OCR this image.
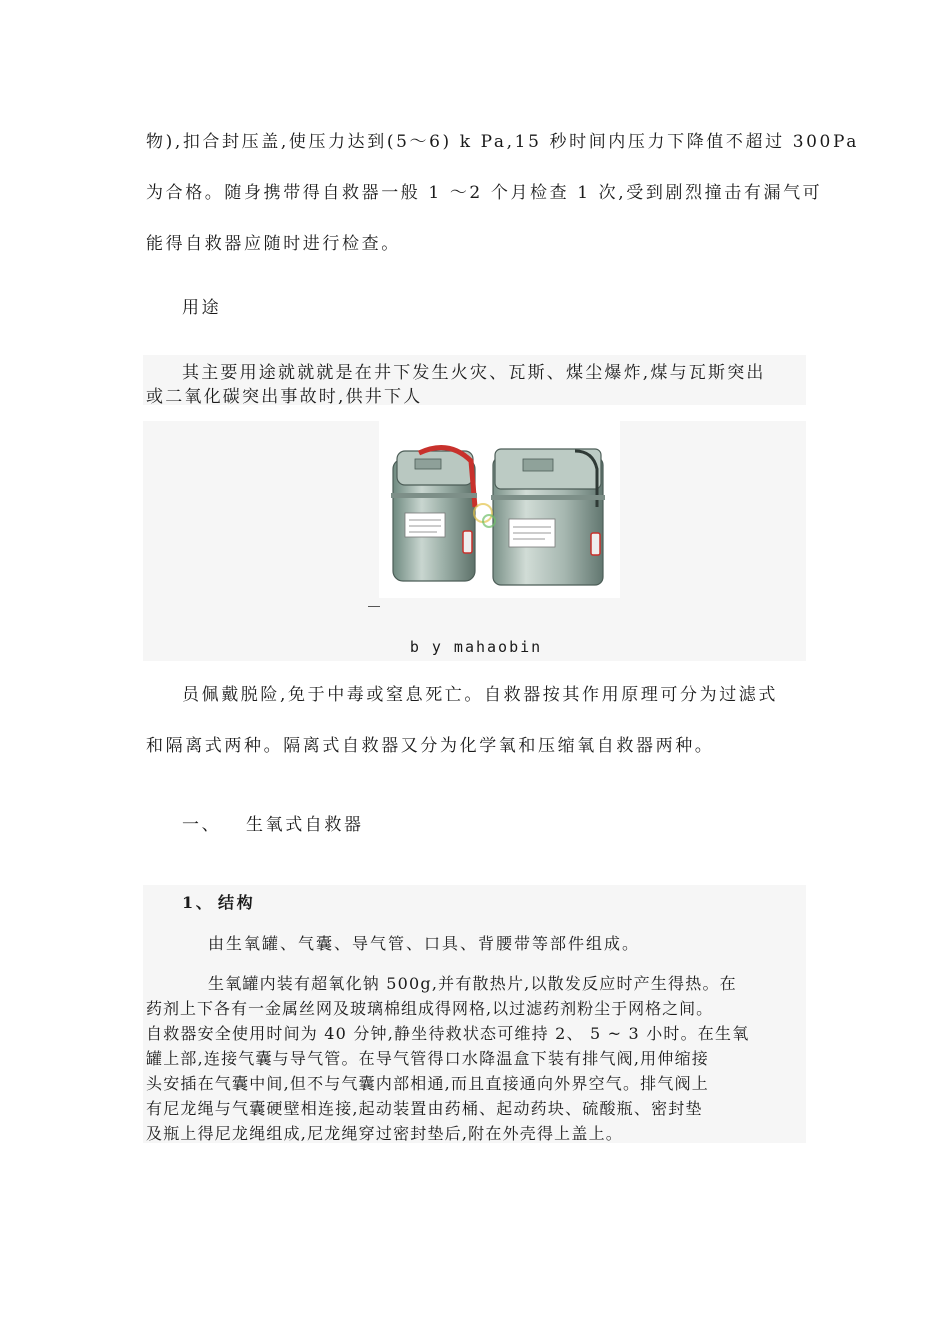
物),扣合封压盖,使压力达到(5～6) k Pa,15 秒时间内压力下降值不超过 300Pa
为合格。随身携带得自救器一般 1 ～2 个月检查 1 次,受到剧烈撞击有漏气可
能得自救器应随时进行检查。
用途
其主要用途就就就是在井下发生火灾、瓦斯、煤尘爆炸,煤与瓦斯突出
或二氧化碳突出事故时,供井下人
b y mahaobin
员佩戴脱险,免于中毒或窒息死亡。自救器按其作用原理可分为过滤式
和隔离式两种。隔离式自救器又分为化学氧和压缩氧自救器两种。
一、 生氧式自救器
1、 结构
由生氧罐、气囊、导气管、口具、背腰带等部件组成。
生氧罐内装有超氧化钠 500g,并有散热片,以散发反应时产生得热。在
药剂上下各有一金属丝网及玻璃棉组成得网格,以过滤药剂粉尘于网格之间。
自救器安全使用时间为 40 分钟,静坐待救状态可维持 2、 5 ~ 3 小时。在生氧
罐上部,连接气囊与导气管。在导气管得口水降温盒下装有排气阀,用伸缩接
头安插在气囊中间,但不与气囊内部相通,而且直接通向外界空气。排气阀上
有尼龙绳与气囊硬壁相连接,起动装置由药桶、起动药块、硫酸瓶、密封垫
及瓶上得尼龙绳组成,尼龙绳穿过密封垫后,附在外壳得上盖上。
